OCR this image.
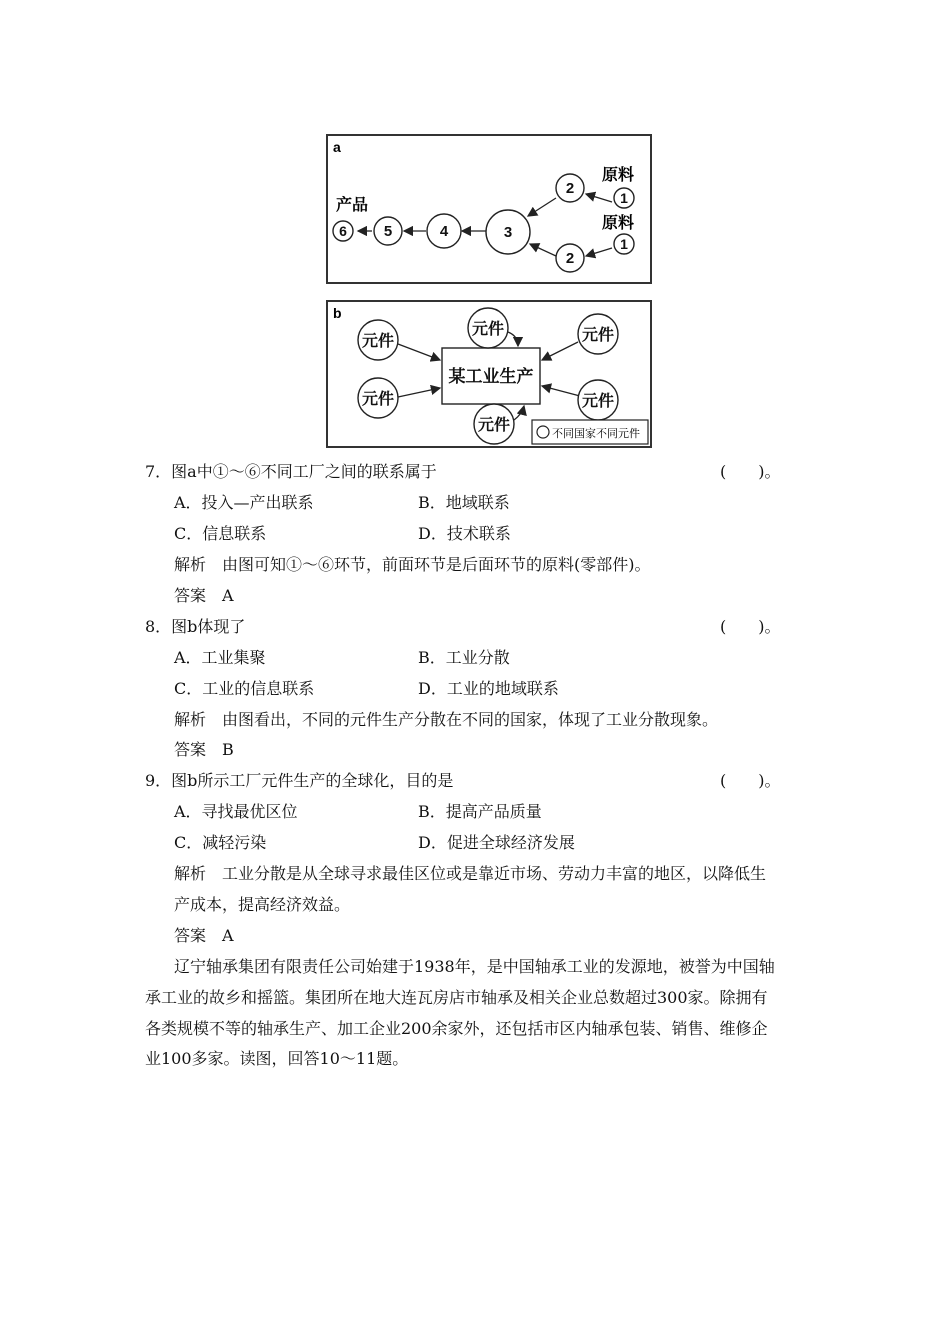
6 5	4	3
2
2
1
1
a
产品
原料
原料
元件
元件
元件	元件
元件
元件
某工业生产
不同国家不同元件
b
7．图a中①～⑥不同工厂之间的联系属于	(　　)。
A．投入—产出联系	B．地域联系
C．信息联系	D．技术联系
解析　由图可知①～⑥环节，前面环节是后面环节的原料(零部件)。
答案　A
8．图b体现了	(　　)。
A．工业集聚	B．工业分散
C．工业的信息联系	D．工业的地域联系
解析　由图看出，不同的元件生产分散在不同的国家，体现了工业分散现象。
答案　B
9．图b所示工厂元件生产的全球化，目的是	(　　)。
A．寻找最优区位	B．提高产品质量
C．减轻污染	D．促进全球经济发展
解析　工业分散是从全球寻求最佳区位或是靠近市场、劳动力丰富的地区，以降低生
产成本，提高经济效益。
答案　A
辽宁轴承集团有限责任公司始建于1938年，是中国轴承工业的发源地，被誉为中国轴
承工业的故乡和摇篮。集团所在地大连瓦房店市轴承及相关企业总数超过300家。除拥有
各类规模不等的轴承生产、加工企业200余家外，还包括市区内轴承包装、销售、维修企
业100多家。读图，回答10～11题。
